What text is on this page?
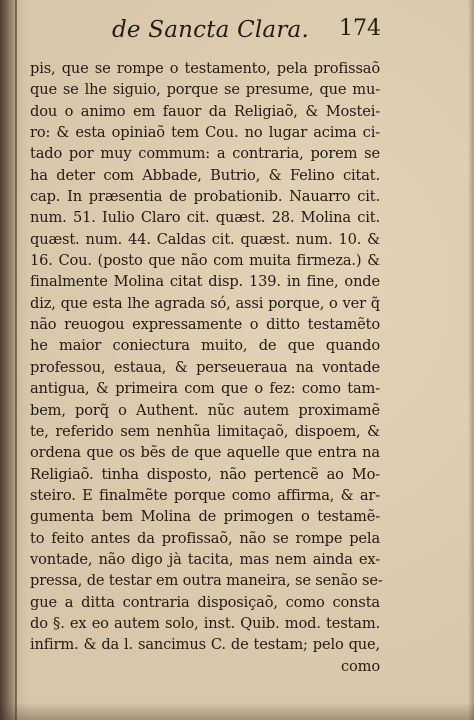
de Sancta Clara. 174
pis, que se rompe o testamento, pela profissaõ
que se lhe siguio, porque se presume, que mu-
dou o animo em fauor da Religiaõ, & Mostei-
ro: & esta opiniaõ tem Cou. no lugar acima ci-
tado por muy commum: a contraria, porem se
ha deter com Abbade, Butrio, & Felino citat.
cap. In præsentia de probationib. Nauarro cit.
num. 51. Iulio Claro cit. quæst. 28. Molina cit.
quæst. num. 44. Caldas cit. quæst. num. 10. &
16. Cou. (posto que não com muita firmeza.) &
finalmente Molina citat disp. 139. in fine, onde
diz, que esta lhe agrada só, assi porque, o ver q̃
não reuogou expressamente o ditto testamẽto
he maior coniectura muito, de que quando
professou, estaua, & perseueraua na vontade
antigua, & primeira com que o fez: como tam-
bem, porq̃ o Authent. nũc autem proximamẽ
te, referido sem nenhũa limitaçaõ, dispoem, &
ordena que os bẽs de que aquelle que entra na
Religiaõ. tinha disposto, não pertencẽ ao Mo-
steiro. E finalmẽte porque como affirma, & ar-
gumenta bem Molina de primogen o testamẽ-
to feito antes da profissaõ, não se rompe pela
vontade, não digo jà tacita, mas nem ainda ex-
pressa, de testar em outra maneira, se senão se-
gue a ditta contraria disposiçaõ, como consta
do §. ex eo autem solo, inst. Quib. mod. testam.
infirm. & da l. sancimus C. de testam; pelo que,
como
